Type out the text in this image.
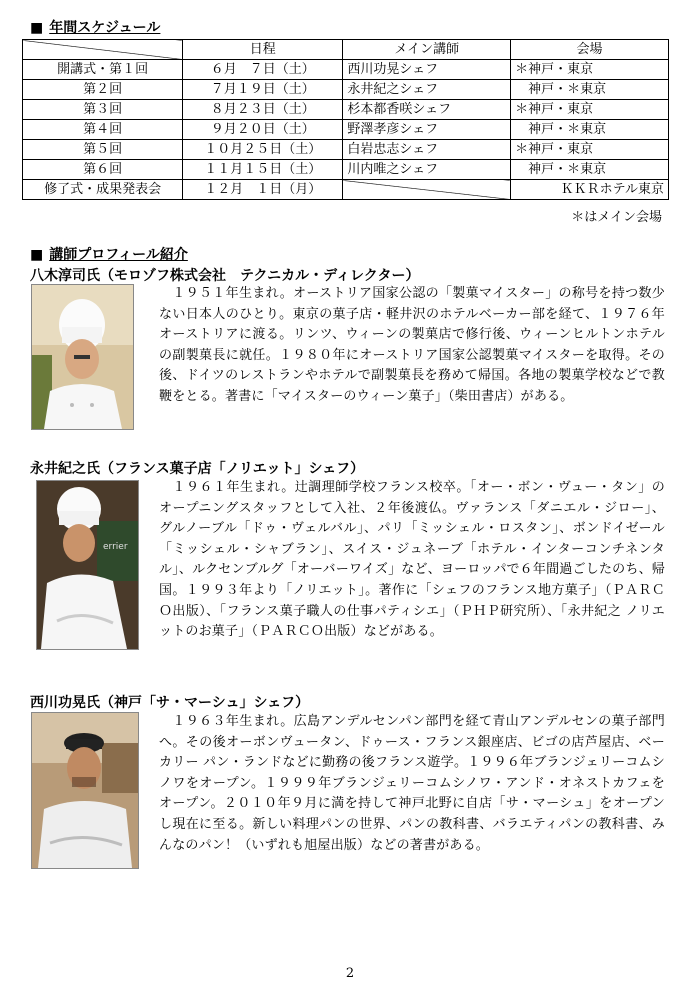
■ 年間スケジュール
	日程	メイン講師	会場
開講式・第１回	６月　７日（土）	西川功晃シェフ	＊神戸・東京
第２回	７月１９日（土）	永井紀之シェフ	　神戸・＊東京
第３回	８月２３日（土）	杉本都香咲シェフ	＊神戸・東京
第４回	９月２０日（土）	野澤孝彦シェフ	　神戸・＊東京
第５回	１０月２５日（土）	白岩忠志シェフ	＊神戸・東京
第６回	１１月１５日（土）	川内唯之シェフ	　神戸・＊東京
修了式・成果発表会	１２月　１日（月）		ＫＫＲホテル東京
＊はメイン会場
■ 講師プロフィール紹介
八木淳司氏（モロゾフ株式会社　テクニカル・ディレクター）
　１９５１年生まれ。オーストリア国家公認の「製菓マイスター」の称号を持つ数少ない日本人のひとり。東京の菓子店・軽井沢のホテルベーカー部を経て、１９７６年オーストリアに渡る。リンツ、ウィーンの製菓店で修行後、ウィーンヒルトンホテルの副製菓長に就任。１９８０年にオーストリア国家公認製菓マイスターを取得。その後、ドイツのレストランやホテルで副製菓長を務めて帰国。各地の製菓学校などで教鞭をとる。著書に「マイスターのウィーン菓子」（柴田書店）がある。
永井紀之氏（フランス菓子店「ノリエット」シェフ）
errier
　１９６１年生まれ。辻調理師学校フランス校卒。「オー・ボン・ヴュー・タン」のオープニングスタッフとして入社、２年後渡仏。ヴァランス「ダニエル・ジロー」、グルノーブル「ドゥ・ヴェルバル」、パリ「ミッシェル・ロスタン」、ボンドイゼール「ミッシェル・シャブラン」、スイス・ジュネーブ「ホテル・インターコンチネンタル」、ルクセンブルグ「オーバーワイズ」など、ヨーロッパで６年間過ごしたのち、帰国。１９９３年より「ノリエット」。著作に「シェフのフランス地方菓子」（ＰＡＲＣＯ出版）、「フランス菓子職人の仕事パティシエ」（ＰＨＰ研究所）、「永井紀之 ノリエットのお菓子」（ＰＡＲＣＯ出版）などがある。
西川功晃氏（神戸「サ・マーシュ」シェフ）
　１９６３年生まれ。広島アンデルセンパン部門を経て青山アンデルセンの菓子部門へ。その後オーボンヴュータン、ドゥース・フランス銀座店、ビゴの店芦屋店、ベーカリー パン・ランドなどに勤務の後フランス遊学。１９９６年ブランジェリーコムシノワをオープン。１９９９年ブランジェリーコムシノワ・アンド・オネストカフェをオープン。２０１０年９月に満を持して神戸北野に自店「サ・マーシュ」をオープンし現在に至る。新しい料理パンの世界、パンの教科書、バラエティパンの教科書、みんなのパン！（いずれも旭屋出版）などの著書がある。
2
